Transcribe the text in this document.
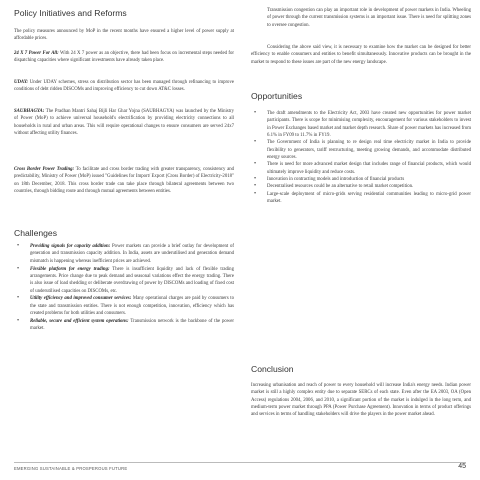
Policy Initiatives and Reforms

The policy measures announced by MoP in the recent months have ensured a higher level of power supply at affordable prices.

24 X 7 Power For All: With 24 X 7 power as an objective, there had been focus on incremental steps needed for dispatching capacities where significant investments have already taken place.

UDAY: Under UDAY schemes, stress on distribution sector has been managed through refinancing to improve conditions of debt ridden DISCOMs and improving efficiency to cut down AT&C losses.

SAUBHAGYA: The Pradhan Mantri Sahaj Bijli Har Ghar Yojna (SAUBHAGYA) was launched by the Ministry of Power (MoP) to achieve universal household's electrification by providing electricity connections to all households in rural and urban areas. This will require operational changes to ensure consumers are served 24x7 without affecting utility finances.

Cross Border Power Trading: To facilitate and cross border trading with greater transparency, consistency and predictability, Ministry of Power (MoP) issued "Guidelines for Import/ Export (Cross Border) of Electricity-2018" on 18th December, 2018. This cross border trade can take place through bilateral agreements between two countries, through bidding route and through mutual agreements between entities.

Challenges
• Providing signals for capacity addition: Power markets can provide a brief outlay for development of generation and transmission capacity addition. In India, assets are underutilised and generation demand mismatch is happening whereas inefficient prices are achieved.
• Flexible platform for energy trading: There is insufficient liquidity and lack of flexible trading arrangements. Price change due to peak demand and seasonal variations effect the energy trading. There is also issue of load shedding or deliberate overdrawing of power by DISCOMs and loading of fixed cost of underutilised capacities on DISCOMs, etc.
• Utility efficiency and improved consumer services: Many operational charges are paid by consumers to the state and transmission entities. There is not enough competition, innovation, efficiency which has created problems for both utilities and consumers.
• Reliable, secure and efficient system operations: Transmission network is the backbone of the power market.

Transmission congestion can play an important role in development of power markets in India. Wheeling of power through the current transmission systems is an important issue. There is need for splitting zones to oversee congestion.

Considering the above said view, it is necessary to examine how the market can be designed for better efficiency to enable consumers and entities to benefit simultaneously. Innovative products can be brought in the market to respond to these issues are part of the new energy landscape.

Opportunities
• The draft amendments to the Electricity Act, 2003 have created new opportunities for power market participants. There is scope for minimising complexity, encouragement for various stakeholders to invest in Power Exchanges based market and market depth research. Share of power markets has increased from 6.1% in FY09 to 11.7% in FY19.
• The Government of India is planning to re design real time electricity market in India to provide flexibility to generators, tariff restructuring, meeting growing demands, and accommodate distributed energy sources.
• There is need for more advanced market design that includes range of financial products, which would ultimately improve liquidity and reduce costs.
• Innovation in contracting models and introduction of financial products
• Decentralised resources could be an alternative to retail market competition.
• Large-scale deployment of micro-grids serving residential communities leading to micro-grid power market.
Conclusion

Increasing urbanisation and reach of power to every household will increase India's energy needs. Indian power market is still a highly complex entity due to separate SERCs of each state. Even after the EA 2003, OA (Open Access) regulations 2004, 2006, and 2010, a significant portion of the market is indulged in the long term, and medium-term power market through PPA (Power Purchase Agreement). Innovation in terms of product offerings and services in terms of handling stakeholders will drive the players in the power market ahead.

EMERGING SUSTAINABLE & PROSPEROUS FUTURE	45
